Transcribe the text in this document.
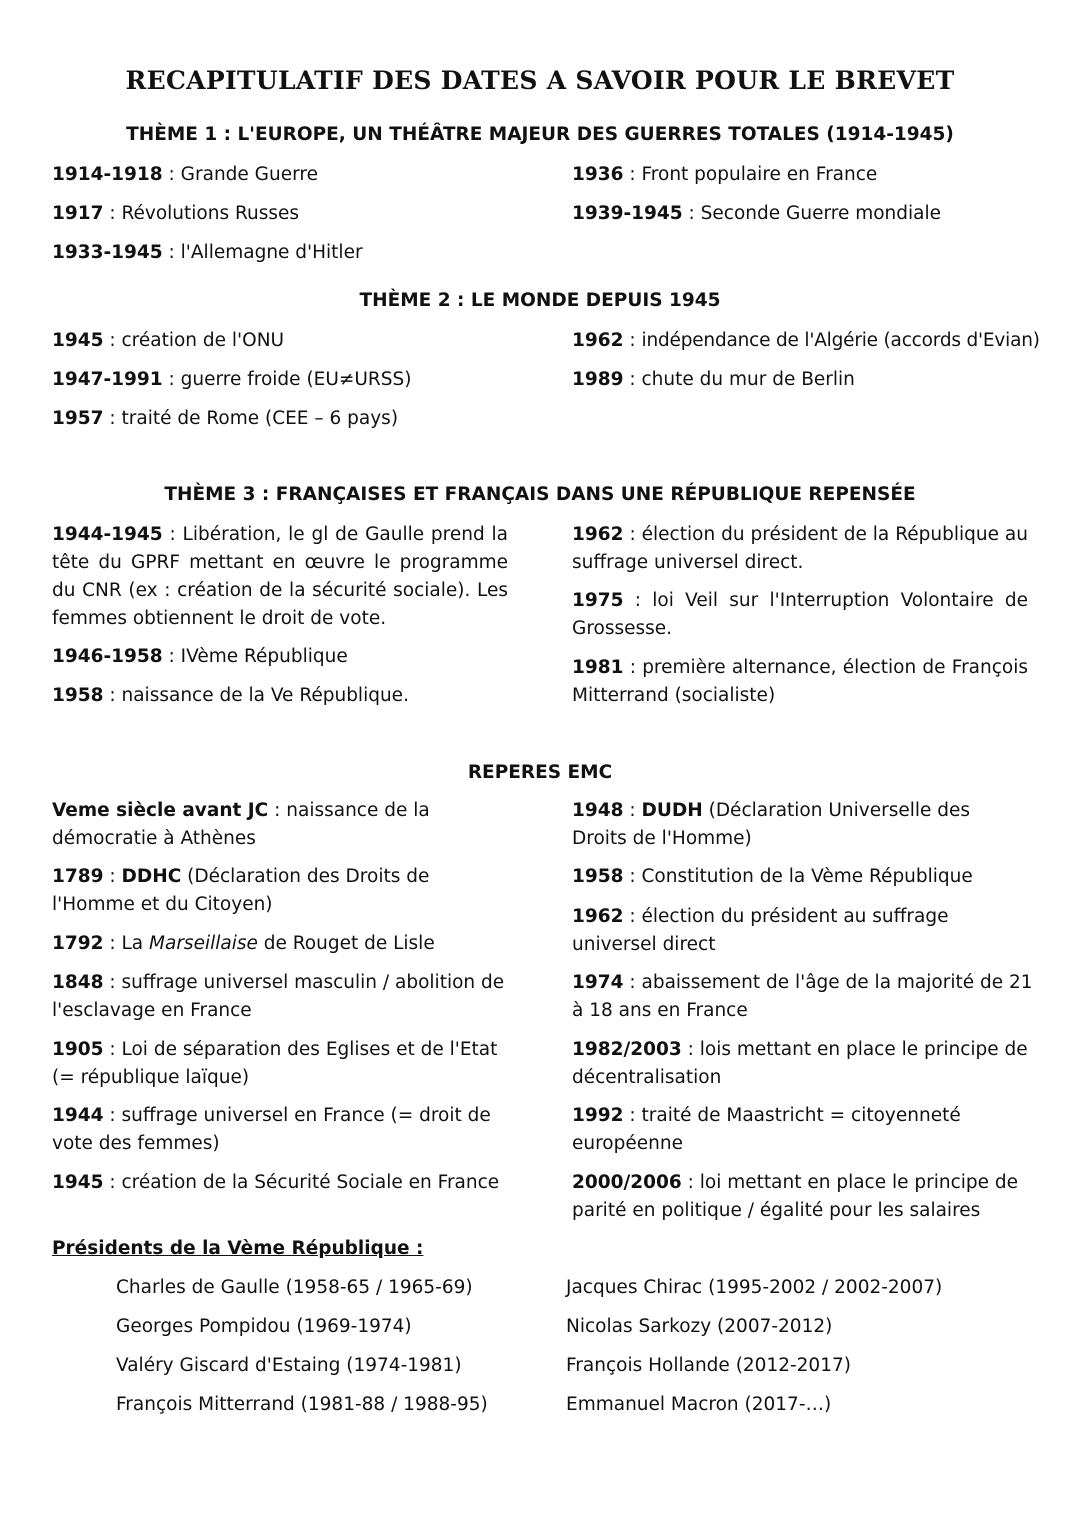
RECAPITULATIF DES DATES A SAVOIR POUR LE BREVET
THÈME 1 : L'EUROPE, UN THÉÂTRE MAJEUR DES GUERRES TOTALES (1914-1945)
1914-1918 : Grande Guerre
1917 : Révolutions Russes
1933-1945 : l'Allemagne d'Hitler
1936 : Front populaire en France
1939-1945 : Seconde Guerre mondiale
THÈME 2 : LE MONDE DEPUIS 1945
1945 : création de l'ONU
1947-1991 : guerre froide (EU≠URSS)
1957 : traité de Rome (CEE – 6 pays)
1962 : indépendance de l'Algérie (accords d'Evian)
1989 : chute du mur de Berlin
THÈME 3 : FRANÇAISES ET FRANÇAIS DANS UNE RÉPUBLIQUE REPENSÉE
1944-1945 : Libération, le gl de Gaulle prend la tête du GPRF mettant en œuvre le programme du CNR (ex : création de la sécurité sociale). Les femmes obtiennent le droit de vote.
1946-1958 : IVème République
1958 : naissance de la Ve République.
1962 : élection du président de la République au suffrage universel direct.
1975 : loi Veil sur l'Interruption Volontaire de Grossesse.
1981 : première alternance, élection de François Mitterrand (socialiste)
REPERES EMC
Veme siècle avant JC : naissance de la démocratie à Athènes
1789 : DDHC (Déclaration des Droits de l'Homme et du Citoyen)
1792 : La Marseillaise de Rouget de Lisle
1848 : suffrage universel masculin / abolition de l'esclavage en France
1905 : Loi de séparation des Eglises et de l'Etat (= république laïque)
1944 : suffrage universel en France (= droit de vote des femmes)
1945 : création de la Sécurité Sociale en France
1948 : DUDH (Déclaration Universelle des Droits de l'Homme)
1958 : Constitution de la Vème République
1962 : élection du président au suffrage universel direct
1974 : abaissement de l'âge de la majorité de 21 à 18 ans en France
1982/2003 : lois mettant en place le principe de décentralisation
1992 : traité de Maastricht = citoyenneté européenne
2000/2006 : loi mettant en place le principe de parité en politique / égalité pour les salaires
Présidents de la Vème République :
Charles de Gaulle (1958-65 / 1965-69)
Georges Pompidou (1969-1974)
Valéry Giscard d'Estaing (1974-1981)
François Mitterrand (1981-88 / 1988-95)
Jacques Chirac (1995-2002 / 2002-2007)
Nicolas Sarkozy (2007-2012)
François Hollande (2012-2017)
Emmanuel Macron (2017-…)
